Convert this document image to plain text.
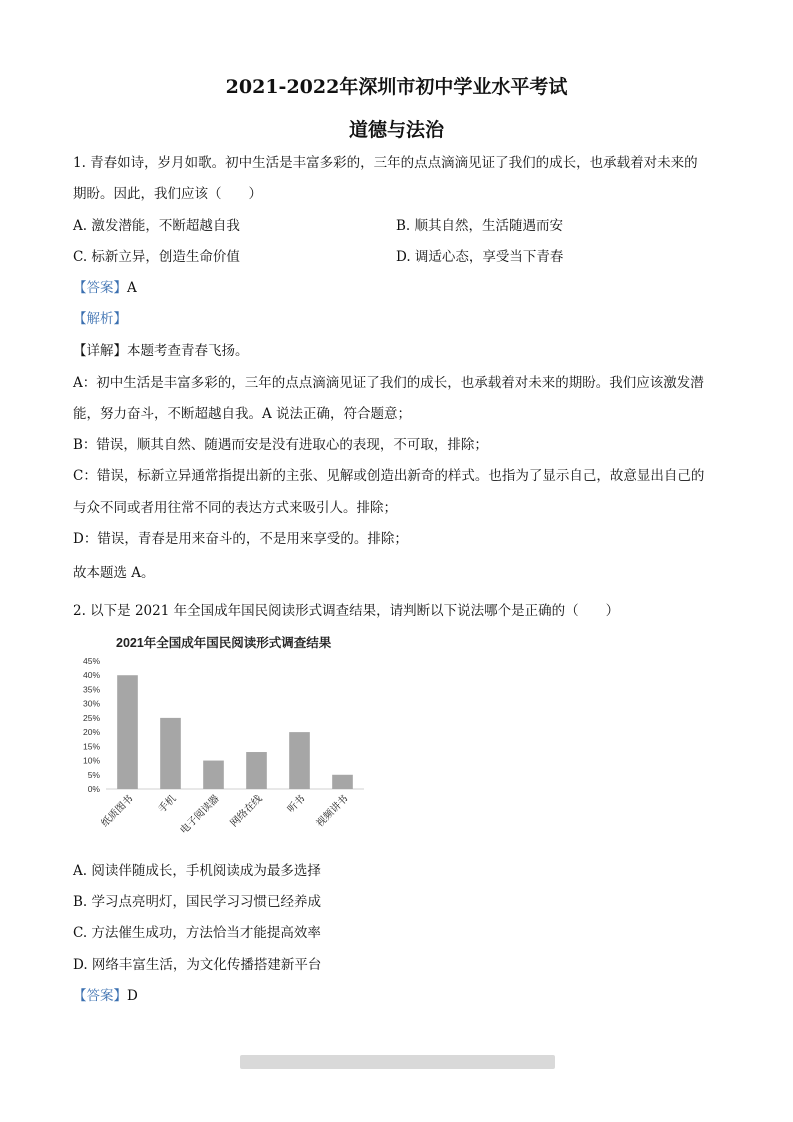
2021-2022年深圳市初中学业水平考试
道德与法治
1. 青春如诗，岁月如歌。初中生活是丰富多彩的，三年的点点滴滴见证了我们的成长，也承载着对未来的
期盼。因此，我们应该（　　）
A. 激发潜能，不断超越自我	B. 顺其自然，生活随遇而安
C. 标新立异，创造生命价值	D. 调适心态，享受当下青春
【答案】A
【解析】
【详解】本题考查青春飞扬。
A：初中生活是丰富多彩的，三年的点点滴滴见证了我们的成长，也承载着对未来的期盼。我们应该激发潜
能，努力奋斗，不断超越自我。A 说法正确，符合题意；
B：错误，顺其自然、随遇而安是没有进取心的表现，不可取，排除；
C：错误，标新立异通常指提出新的主张、见解或创造出新奇的样式。也指为了显示自己，故意显出自己的
与众不同或者用往常不同的表达方式来吸引人。排除；
D：错误，青春是用来奋斗的，不是用来享受的。排除；
故本题选 A。
2. 以下是 2021 年全国成年国民阅读形式调查结果，请判断以下说法哪个是正确的（　　）
2021年全国成年国民阅读形式调查结果
0%
5%
10%
15%
20%
25%
30%
35%
40%
45%
纸质图书 手机 电子阅读器 网络在线 听书 视频讲书
A. 阅读伴随成长，手机阅读成为最多选择
B. 学习点亮明灯，国民学习习惯已经养成
C. 方法催生成功，方法恰当才能提高效率
D. 网络丰富生活，为文化传播搭建新平台
【答案】D
